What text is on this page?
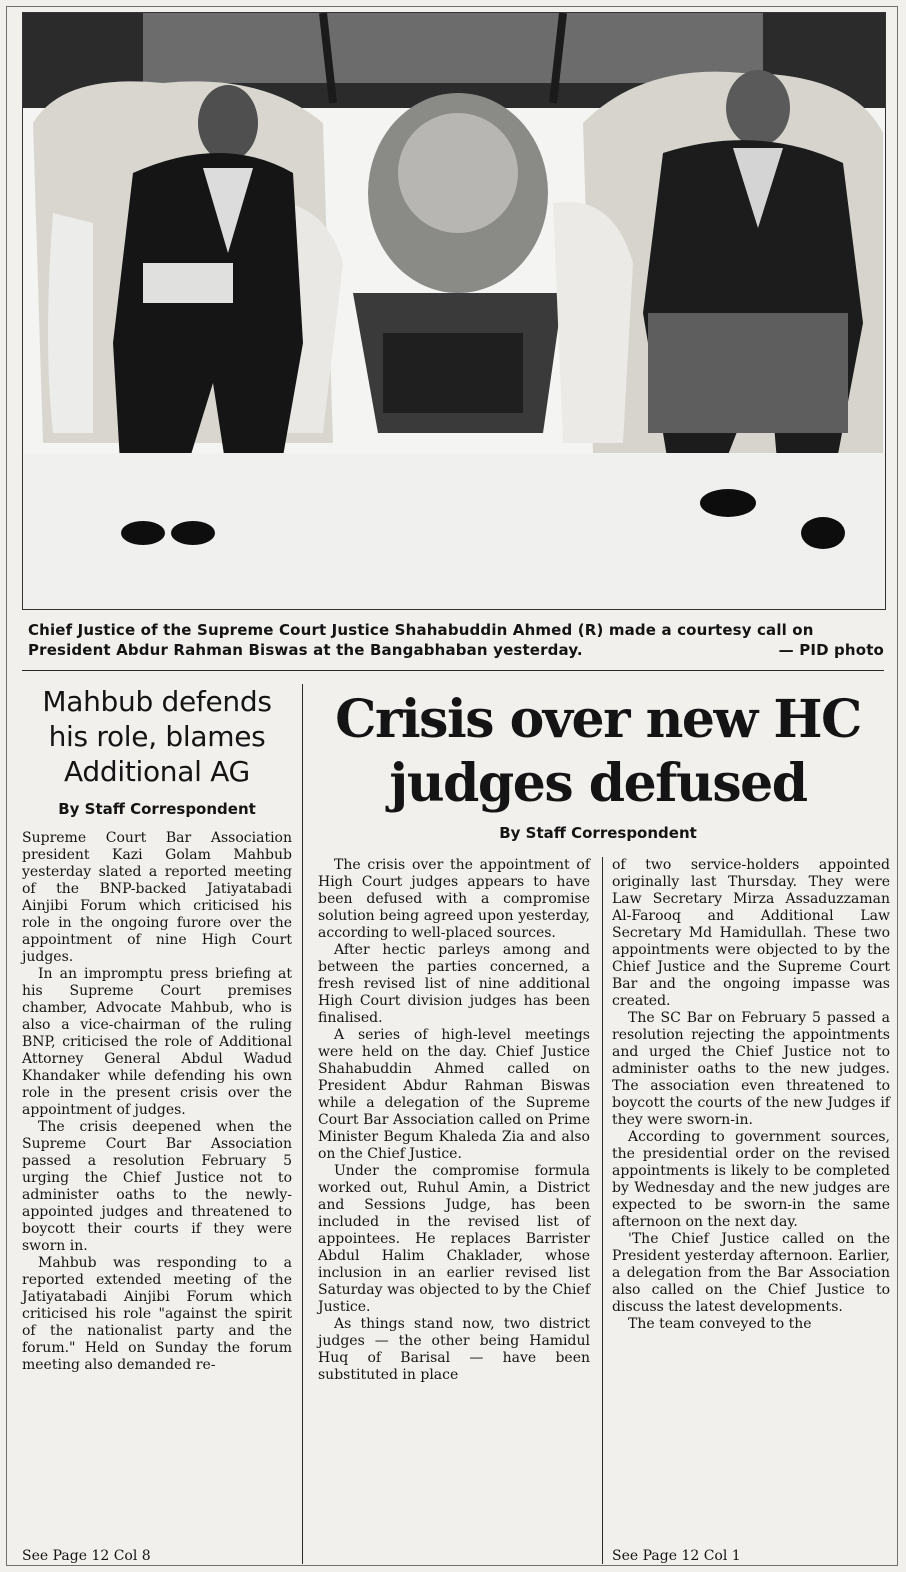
Chief Justice of the Supreme Court Justice Shahabuddin Ahmed (R) made a courtesy call on President Abdur Rahman Biswas at the Bangabhaban yesterday.	— PID photo
Mahbub defends
his role, blames
Additional AG
By Staff Correspondent

Supreme Court Bar Association president Kazi Golam Mahbub yesterday slated a reported meeting of the BNP-backed Jatiyatabadi Ainjibi Forum which criticised his role in the ongoing furore over the appointment of nine High Court judges.

In an impromptu press briefing at his Supreme Court premises chamber, Advocate Mahbub, who is also a vice-chairman of the ruling BNP, criticised the role of Additional Attorney General Abdul Wadud Khandaker while defending his own role in the present crisis over the appointment of judges.

The crisis deepened when the Supreme Court Bar Association passed a resolution February 5 urging the Chief Justice not to administer oaths to the newly-appointed judges and threatened to boycott their courts if they were sworn in.

Mahbub was responding to a reported extended meeting of the Jatiyatabadi Ainjibi Forum which criticised his role "against the spirit of the nationalist party and the forum." Held on Sunday the forum meeting also demanded re-

See Page 12 Col 8
Crisis over new HC
judges defused
By Staff Correspondent

The crisis over the appointment of High Court judges appears to have been defused with a compromise solution being agreed upon yesterday, according to well-placed sources.

After hectic parleys among and between the parties concerned, a fresh revised list of nine additional High Court division judges has been finalised.

A series of high-level meetings were held on the day. Chief Justice Shahabuddin Ahmed called on President Abdur Rahman Biswas while a delegation of the Supreme Court Bar Association called on Prime Minister Begum Khaleda Zia and also on the Chief Justice.

Under the compromise formula worked out, Ruhul Amin, a District and Sessions Judge, has been included in the revised list of appointees. He replaces Barrister Abdul Halim Chaklader, whose inclusion in an earlier revised list Saturday was objected to by the Chief Justice.

As things stand now, two district judges — the other being Hamidul Huq of Barisal — have been substituted in place

of two service-holders appointed originally last Thursday. They were Law Secretary Mirza Assaduzzaman Al-Farooq and Additional Law Secretary Md Hamidullah. These two appointments were objected to by the Chief Justice and the Supreme Court Bar and the ongoing impasse was created.

The SC Bar on February 5 passed a resolution rejecting the appointments and urged the Chief Justice not to administer oaths to the new judges. The association even threatened to boycott the courts of the new Judges if they were sworn-in.

According to government sources, the presidential order on the revised appointments is likely to be completed by Wednesday and the new judges are expected to be sworn-in the same afternoon on the next day.

'The Chief Justice called on the President yesterday afternoon. Earlier, a delegation from the Bar Association also called on the Chief Justice to discuss the latest developments.

The team conveyed to the

See Page 12 Col 1
